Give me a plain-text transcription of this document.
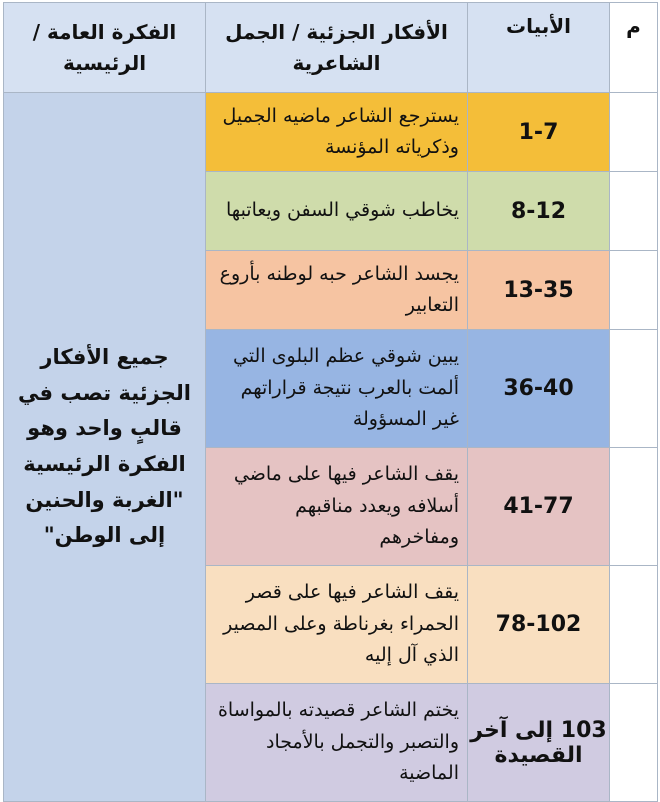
م	الأبيات	الأفكار الجزئية / الجمل الشاعرية	الفكرة العامة / الرئيسية

	1-7	يسترجع الشاعر ماضيه الجميل وذكرياته المؤنسة	جميع الأفكار الجزئية تصب في قالبٍ واحد وهو الفكرة الرئيسية "الغربة والحنين إلى الوطن"
	8-12	يخاطب شوقي السفن ويعاتبها	
	13-35	يجسد الشاعر حبه لوطنه بأروع التعابير	
	36-40	يبين شوقي عظم البلوى التي ألمت بالعرب نتيجة قراراتهم غير المسؤولة	
	41-77	يقف الشاعر فيها على ماضي أسلافه ويعدد مناقبهم ومفاخرهم	
	78-102	يقف الشاعر فيها على قصر الحمراء بغرناطة وعلى المصير الذي آل إليه	
	103 إلى آخر القصيدة	يختم الشاعر قصيدته بالمواساة والتصبر والتجمل بالأمجاد الماضية	
